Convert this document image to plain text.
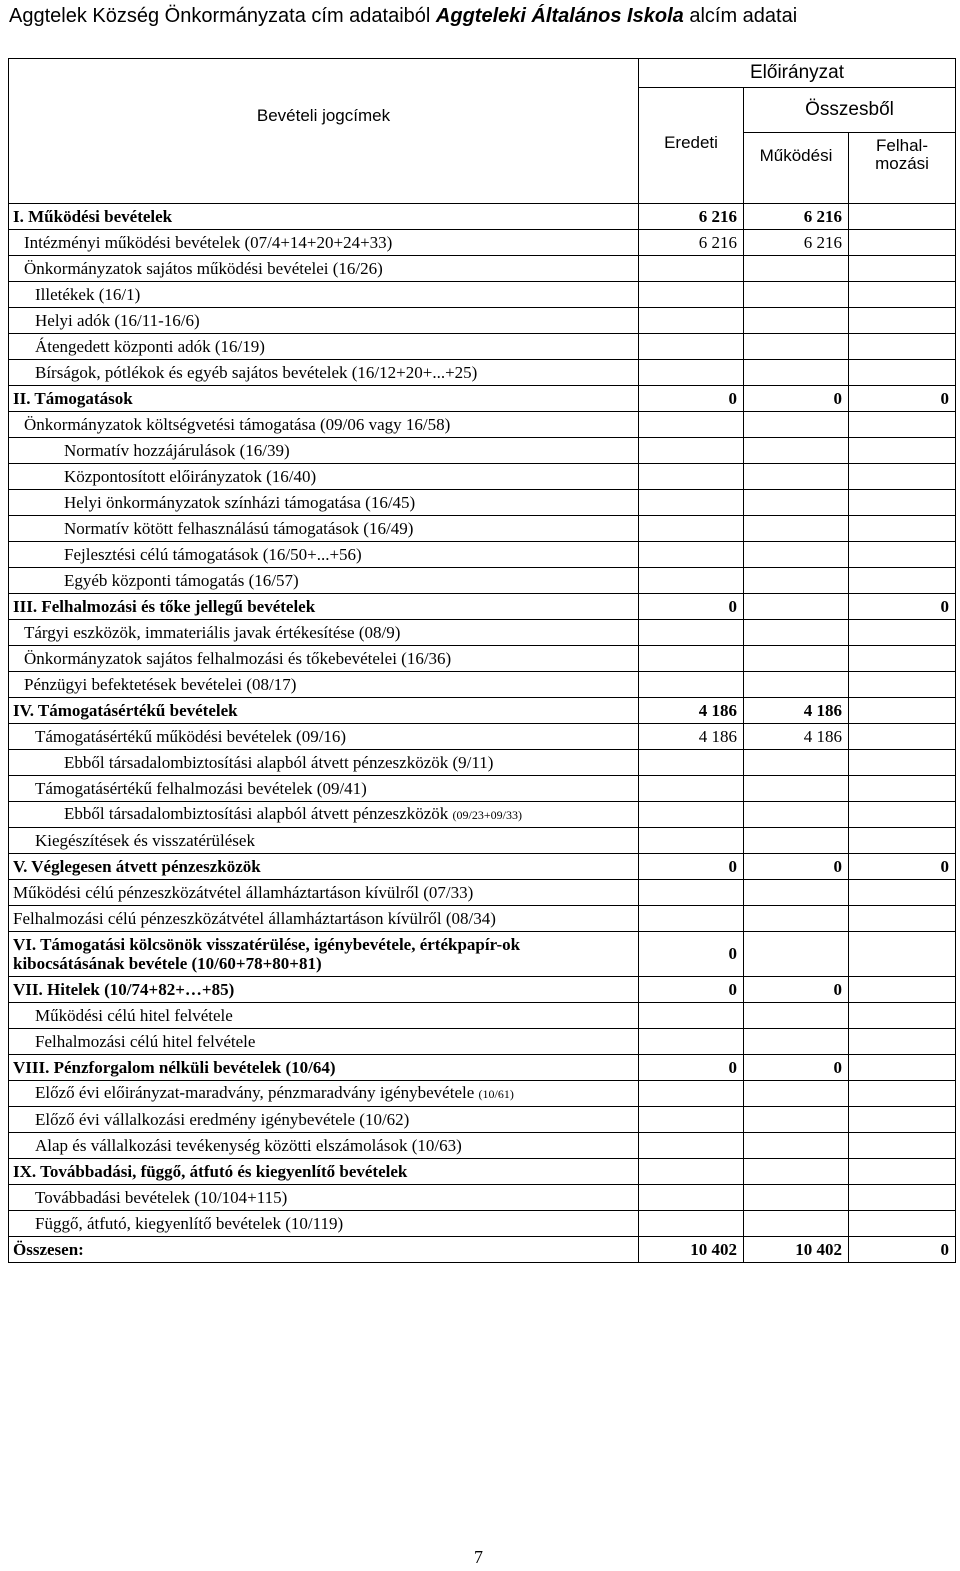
Aggtelek Község Önkormányzata cím adataiból Aggteleki Általános Iskola alcím adatai
Bevételi jogcímek	Előirányzat		
	Eredeti	Összesből	
		Működési	Felhal-
mozási
I. Működési bevételek	6 216	6 216	
Intézményi működési bevételek (07/4+14+20+24+33)	6 216	6 216	
Önkormányzatok sajátos működési bevételei (16/26)			
Illetékek (16/1)			
Helyi adók (16/11-16/6)			
Átengedett központi adók (16/19)			
Bírságok, pótlékok és egyéb sajátos bevételek (16/12+20+...+25)			
II. Támogatások	0	0	0
Önkormányzatok költségvetési támogatása (09/06 vagy 16/58)			
Normatív hozzájárulások (16/39)			
Központosított előirányzatok (16/40)			
Helyi önkormányzatok színházi támogatása (16/45)			
Normatív kötött felhasználású támogatások (16/49)			
Fejlesztési célú támogatások (16/50+...+56)			
Egyéb központi támogatás (16/57)			
III. Felhalmozási és tőke jellegű bevételek	0		0
Tárgyi eszközök, immateriális javak értékesítése (08/9)			
Önkormányzatok sajátos felhalmozási és tőkebevételei (16/36)			
Pénzügyi befektetések bevételei (08/17)			
IV. Támogatásértékű bevételek	4 186	4 186	
Támogatásértékű működési bevételek (09/16)	4 186	4 186	
Ebből társadalombiztosítási alapból átvett pénzeszközök (9/11)			
Támogatásértékű felhalmozási bevételek (09/41)			
Ebből társadalombiztosítási alapból átvett pénzeszközök (09/23+09/33)			
Kiegészítések és visszatérülések			
V. Véglegesen átvett pénzeszközök	0	0	0
Működési célú pénzeszközátvétel államháztartáson kívülről (07/33)			
Felhalmozási célú pénzeszközátvétel államháztartáson kívülről (08/34)			
VI. Támogatási kölcsönök visszatérülése, igénybevétele, értékpapír-ok kibocsátásának bevétele (10/60+78+80+81)	0		
VII. Hitelek (10/74+82+…+85)	0	0	
Működési célú hitel felvétele			
Felhalmozási célú hitel felvétele			
VIII. Pénzforgalom nélküli bevételek (10/64)	0	0	
Előző évi előirányzat-maradvány, pénzmaradvány igénybevétele (10/61)			
Előző évi vállalkozási eredmény igénybevétele (10/62)			
Alap és vállalkozási tevékenység közötti elszámolások (10/63)			
IX. Továbbadási, függő, átfutó és kiegyenlítő bevételek			
Továbbadási bevételek (10/104+115)			
Függő, átfutó, kiegyenlítő bevételek (10/119)			
Összesen:	10 402	10 402	0
7
